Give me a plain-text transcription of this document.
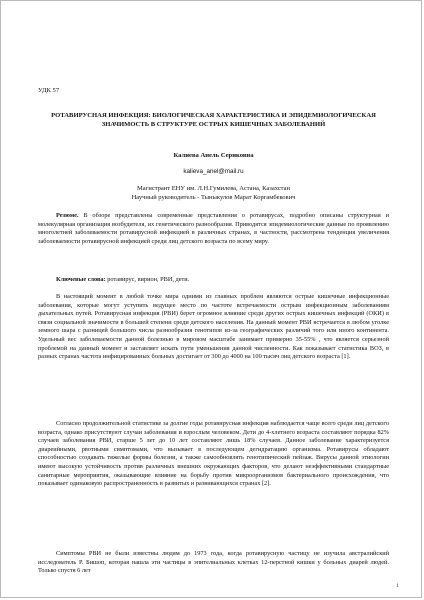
УДК 57
РОТАВИРУСНАЯ ИНФЕКЦИЯ: БИОЛОГИЧЕСКАЯ ХАРАКТЕРИСТИКА И ЭПИДЕМИОЛОГИЧЕСКАЯ ЗНАЧИМОСТЬ В СТРУКТУРЕ ОСТРЫХ КИШЕЧНЫХ ЗАБОЛЕВАНИЙ
Калиева Анель Сериковна
kalieva_anel@mail.ru
Магистрант ЕНУ им. Л.Н.Гумилева, Астана, Казахстан
Научный руководитель - Тыныкулов Марат Коргамбекович
Резюме. В обзоре представлены современные представления о ротавирусах, подробно описаны структурная и молекулярная организация возбудителя, их генетического разнообразия. Приводятся эпидемиологические данные по проявлению многолетней заболеваемости ротавирусной инфекцией в различных странах, в частности, рассмотрена тенденция увеличения заболеваемости ротавирусной инфекцией среди лиц детского возраста по всему миру.
Ключевые слова: ротавирус, вирион, РВИ, дети.
В настоящий момент в любой точке мира одними из главных проблем являются острые кишечные инфекционные заболевания, которые могут уступить ведущее место по частоте встречаемости острым инфекционным заболеваниям дыхательных путей. Ротавирусная инфекция (РВИ) берет огромное влияние среди других острых кишечных инфекций (ОКИ) в связи социальной значимости в большей степени среди детского населения. На данный момент РВИ встречается в любом уголке земного шара с разницей большого числа разнообразия генотипов из-за географических различий того или иного континента. Удельный вес заболеваемости данной болезнью в мировом масштабе занимает примерно 35-55% , что является серьезной проблемой на данный момент и заставляет искать пути уменьшения данной численности. Как показывает статистика ВОЗ, в разных странах частота инфицированных больных достигает от 300 до 4000 на 100 тысяч лиц детского возраста [1].
Согласно продолжительной статистике за долгие годы ротавирусная инфекция наблюдается чаще всего среди лиц детского возраста, однако присутствуют случаи заболевания и взрослым человеком. Дети до 4-хлетнего возраста составляют порядка 82% случаев заболевания РВИ, старше 5 лет до 10 лет составляют лишь 18% случаев. Данное заболевание характеризуется диареийными, рвотными симптомами, что вызывает в последующем дегидратацию организма. Ротавирусы обладают способностью создавать тяжелые формы болезни, а также самообновлять генотипический пейзаж. Вирусы данной этиологии имеют высокую устойчивость против различных внешних окружающих факторов, что делают неэффективными стандартные санитарные мероприятия, оказывающие влияние на борьбу против микроорганизмов бактериального происхождения, что показывает одинаковую распространенность в развитых и развивающихся странах [2].
Симптомы РВИ не были известны людям до 1973 года, когда ротавирусную частицу не изучила австралийский исследователь Р. Бишоп, которая нашла эти частицы в эпителиальных клетках 12-перстной кишки у больных диарей людей. Только спустя 6 лет
1
